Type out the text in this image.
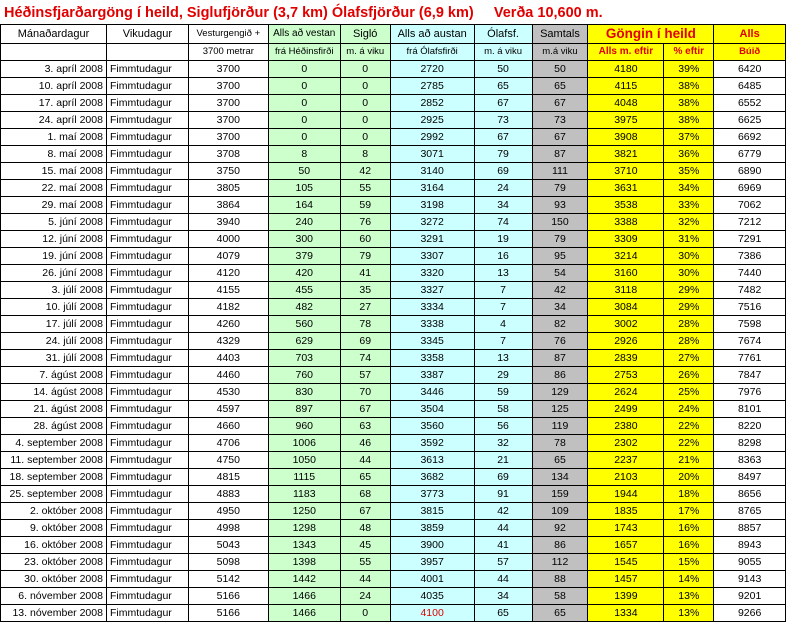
Héðinsfjarðargöng í heild, Siglufjörður (3,7 km) Ólafsfjörður (6,9 km) Verða 10,600 m.
Mánaðardagur	Vikudagur	Vesturgengið +	Alls að vestan	Sigló	Alls að austan	Ólafsf.	Samtals	Göngin í heild		Alls
		3700 metrar	frá Héðinsfirði	m. á viku	frá Ólafsfirði	m. á viku	m.á viku	Alls m. eftir	% eftir	Búið
3. apríl 2008	Fimmtudagur	3700	0	0	2720	50	50	4180	39%	6420
10. apríl 2008	Fimmtudagur	3700	0	0	2785	65	65	4115	38%	6485
17. apríl 2008	Fimmtudagur	3700	0	0	2852	67	67	4048	38%	6552
24. apríl 2008	Fimmtudagur	3700	0	0	2925	73	73	3975	38%	6625
1. maí 2008	Fimmtudagur	3700	0	0	2992	67	67	3908	37%	6692
8. maí 2008	Fimmtudagur	3708	8	8	3071	79	87	3821	36%	6779
15. maí 2008	Fimmtudagur	3750	50	42	3140	69	111	3710	35%	6890
22. maí 2008	Fimmtudagur	3805	105	55	3164	24	79	3631	34%	6969
29. maí 2008	Fimmtudagur	3864	164	59	3198	34	93	3538	33%	7062
5. júní 2008	Fimmtudagur	3940	240	76	3272	74	150	3388	32%	7212
12. júní 2008	Fimmtudagur	4000	300	60	3291	19	79	3309	31%	7291
19. júní 2008	Fimmtudagur	4079	379	79	3307	16	95	3214	30%	7386
26. júní 2008	Fimmtudagur	4120	420	41	3320	13	54	3160	30%	7440
3. júlí 2008	Fimmtudagur	4155	455	35	3327	7	42	3118	29%	7482
10. júlí 2008	Fimmtudagur	4182	482	27	3334	7	34	3084	29%	7516
17. júlí 2008	Fimmtudagur	4260	560	78	3338	4	82	3002	28%	7598
24. júlí 2008	Fimmtudagur	4329	629	69	3345	7	76	2926	28%	7674
31. júlí 2008	Fimmtudagur	4403	703	74	3358	13	87	2839	27%	7761
7. ágúst 2008	Fimmtudagur	4460	760	57	3387	29	86	2753	26%	7847
14. ágúst 2008	Fimmtudagur	4530	830	70	3446	59	129	2624	25%	7976
21. ágúst 2008	Fimmtudagur	4597	897	67	3504	58	125	2499	24%	8101
28. ágúst 2008	Fimmtudagur	4660	960	63	3560	56	119	2380	22%	8220
4. september 2008	Fimmtudagur	4706	1006	46	3592	32	78	2302	22%	8298
11. september 2008	Fimmtudagur	4750	1050	44	3613	21	65	2237	21%	8363
18. september 2008	Fimmtudagur	4815	1115	65	3682	69	134	2103	20%	8497
25. september 2008	Fimmtudagur	4883	1183	68	3773	91	159	1944	18%	8656
2. október 2008	Fimmtudagur	4950	1250	67	3815	42	109	1835	17%	8765
9. október 2008	Fimmtudagur	4998	1298	48	3859	44	92	1743	16%	8857
16. október 2008	Fimmtudagur	5043	1343	45	3900	41	86	1657	16%	8943
23. október 2008	Fimmtudagur	5098	1398	55	3957	57	112	1545	15%	9055
30. október 2008	Fimmtudagur	5142	1442	44	4001	44	88	1457	14%	9143
6. nóvember 2008	Fimmtudagur	5166	1466	24	4035	34	58	1399	13%	9201
13. nóvember 2008	Fimmtudagur	5166	1466	0	4100	65	65	1334	13%	9266
